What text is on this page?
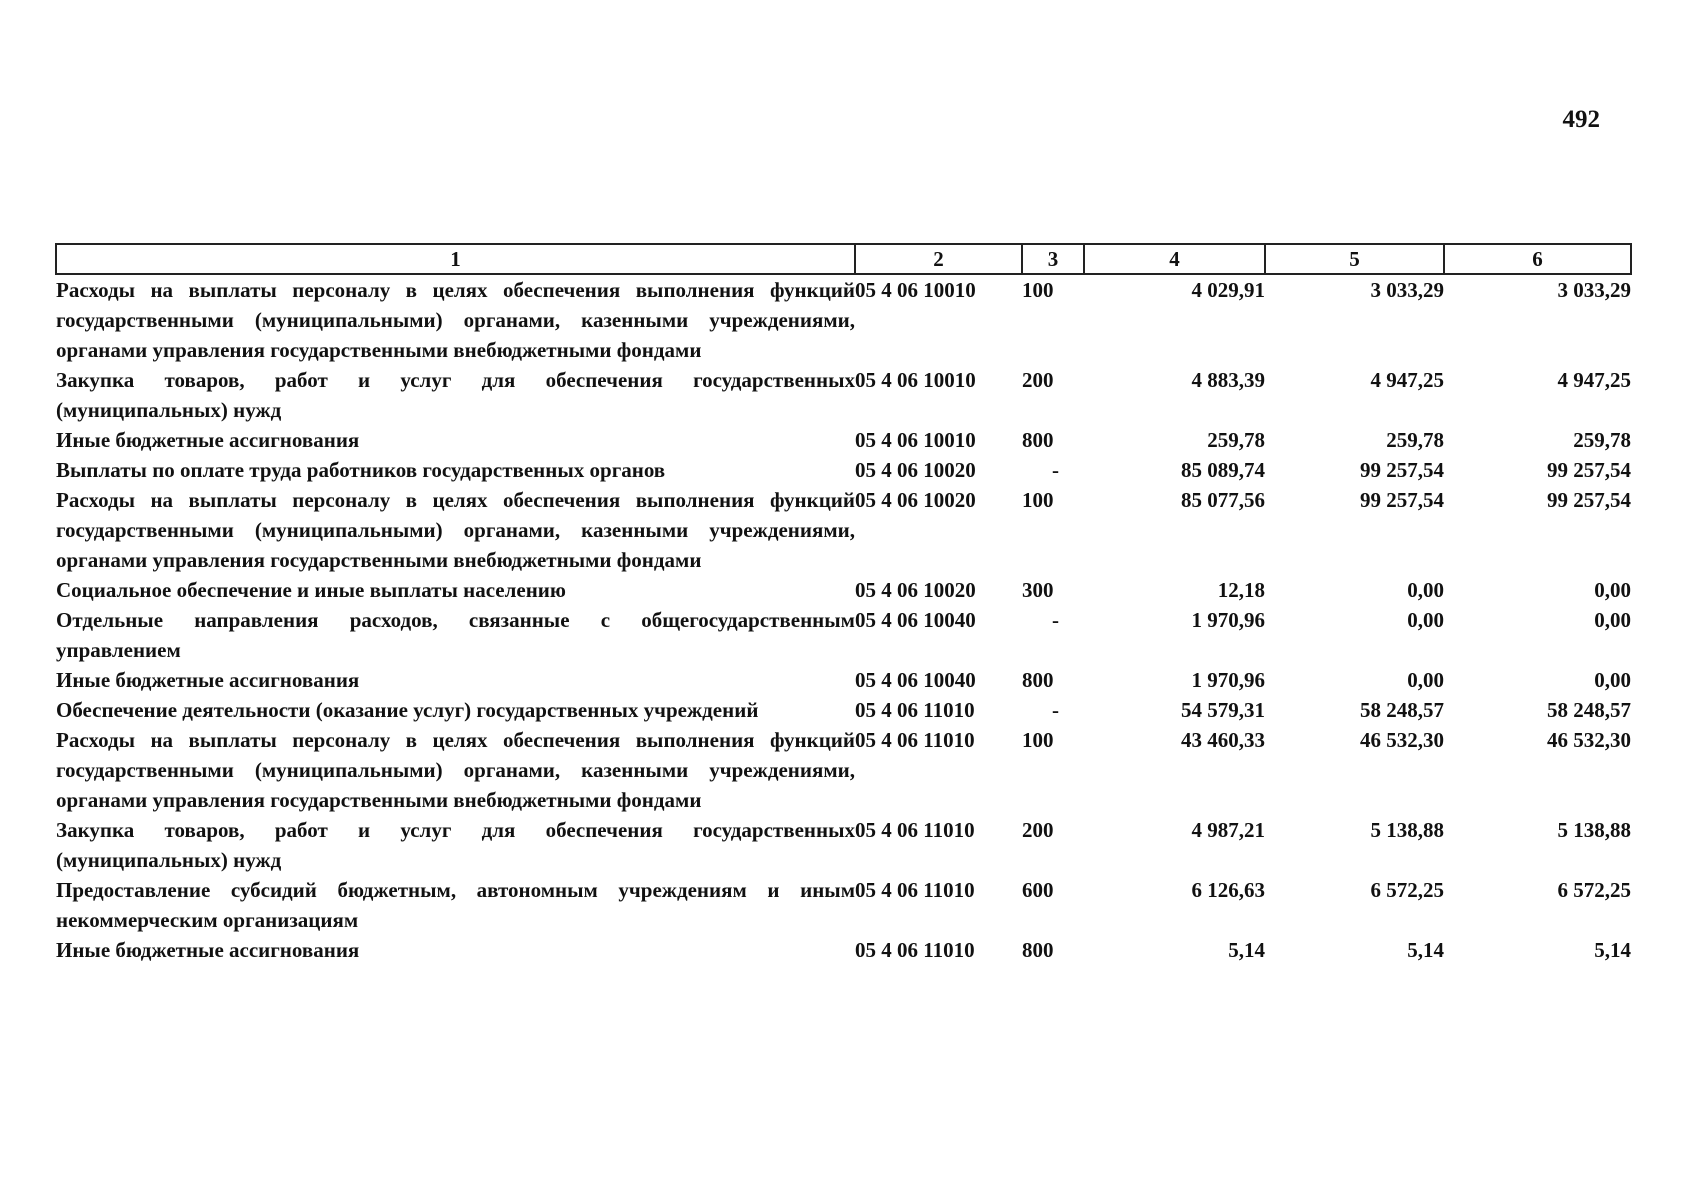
492
1	2	3	4	5	6
Расходы на выплаты персоналу в целях обеспечения выполнения функций государственными (муниципальными) органами, казенными учреждениями, органами управления государственными внебюджетными фондами	05 4 06 10010	100	4 029,91	3 033,29	3 033,29
Закупка товаров, работ и услуг для обеспечения государственных (муниципальных) нужд	05 4 06 10010	200	4 883,39	4 947,25	4 947,25
Иные бюджетные ассигнования	05 4 06 10010	800	259,78	259,78	259,78
Выплаты по оплате труда работников государственных органов	05 4 06 10020	-	85 089,74	99 257,54	99 257,54
Расходы на выплаты персоналу в целях обеспечения выполнения функций государственными (муниципальными) органами, казенными учреждениями, органами управления государственными внебюджетными фондами	05 4 06 10020	100	85 077,56	99 257,54	99 257,54
Социальное обеспечение и иные выплаты населению	05 4 06 10020	300	12,18	0,00	0,00
Отдельные направления расходов, связанные с общегосударственным управлением	05 4 06 10040	-	1 970,96	0,00	0,00
Иные бюджетные ассигнования	05 4 06 10040	800	1 970,96	0,00	0,00
Обеспечение деятельности (оказание услуг) государственных учреждений	05 4 06 11010	-	54 579,31	58 248,57	58 248,57
Расходы на выплаты персоналу в целях обеспечения выполнения функций государственными (муниципальными) органами, казенными учреждениями, органами управления государственными внебюджетными фондами	05 4 06 11010	100	43 460,33	46 532,30	46 532,30
Закупка товаров, работ и услуг для обеспечения государственных (муниципальных) нужд	05 4 06 11010	200	4 987,21	5 138,88	5 138,88
Предоставление субсидий бюджетным, автономным учреждениям и иным некоммерческим организациям	05 4 06 11010	600	6 126,63	6 572,25	6 572,25
Иные бюджетные ассигнования	05 4 06 11010	800	5,14	5,14	5,14
